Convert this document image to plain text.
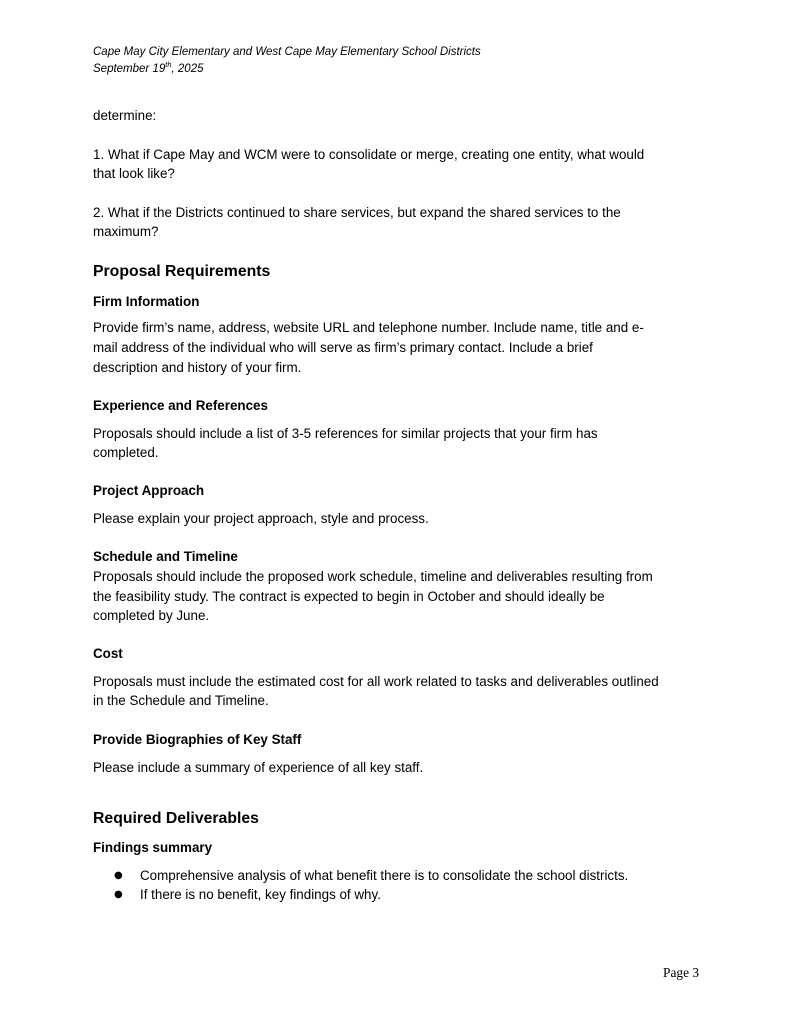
Cape May City Elementary and West Cape May Elementary School Districts
September 19th, 2025
determine:
1. What if Cape May and WCM were to consolidate or merge, creating one entity, what would
that look like?
2. What if the Districts continued to share services, but expand the shared services to the
maximum?
Proposal Requirements
Firm Information
Provide firm’s name, address, website URL and telephone number. Include name, title and e-
mail address of the individual who will serve as firm’s primary contact. Include a brief
description and history of your firm.
Experience and References
Proposals should include a list of 3-5 references for similar projects that your firm has
completed.
Project Approach
Please explain your project approach, style and process.
Schedule and Timeline
Proposals should include the proposed work schedule, timeline and deliverables resulting from
the feasibility study. The contract is expected to begin in October and should ideally be
completed by June.
Cost
Proposals must include the estimated cost for all work related to tasks and deliverables outlined
in the Schedule and Timeline.
Provide Biographies of Key Staff
Please include a summary of experience of all key staff.
Required Deliverables
Findings summary
● Comprehensive analysis of what benefit there is to consolidate the school districts.
● If there is no benefit, key findings of why.
Page 3
